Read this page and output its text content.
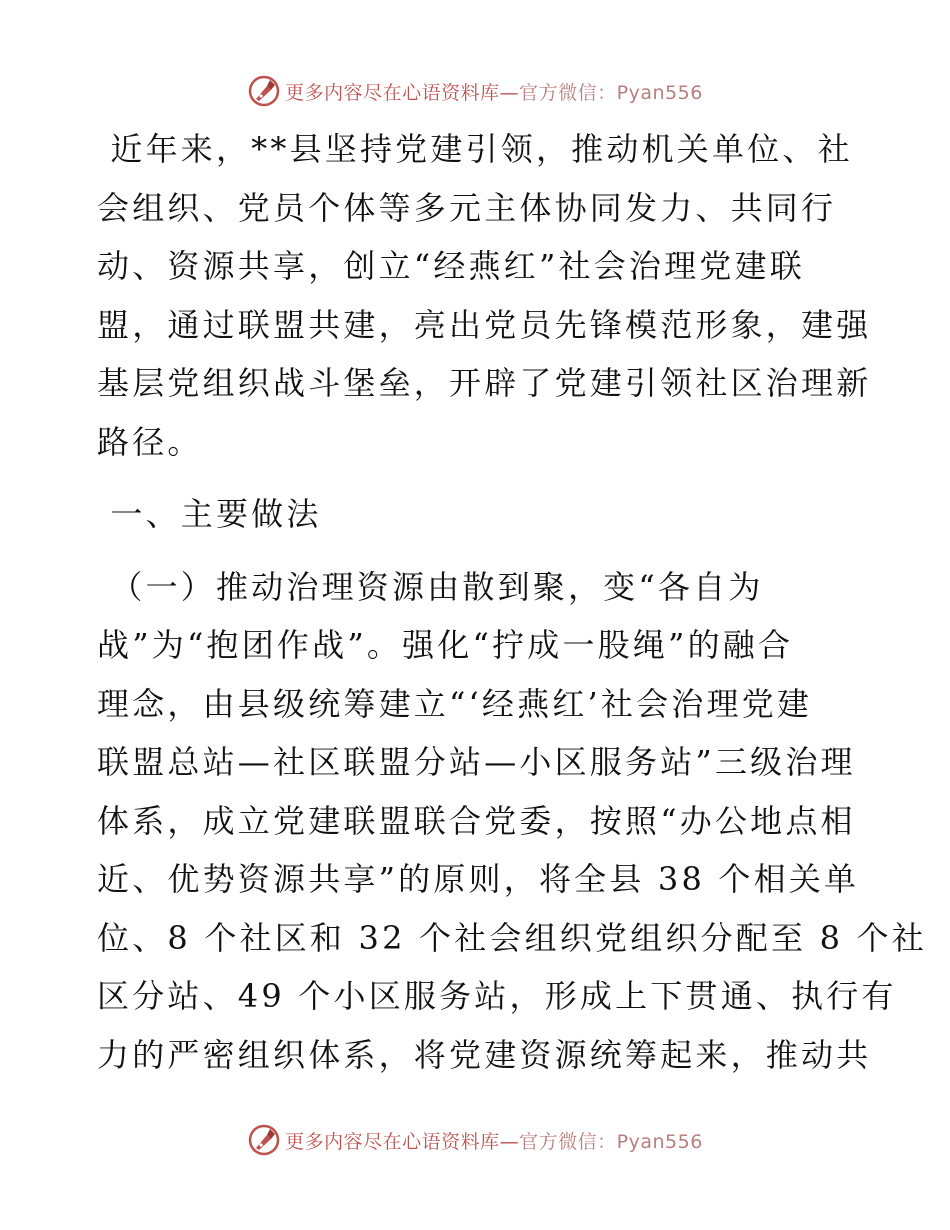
更多内容尽在心语资料库—官方微信：Pyan556

近年来，**县坚持党建引领，推动机关单位、社

会组织、党员个体等多元主体协同发力、共同行

动、资源共享，创立“经燕红”社会治理党建联

盟，通过联盟共建，亮出党员先锋模范形象，建强

基层党组织战斗堡垒，开辟了党建引领社区治理新

路径。

一、主要做法

（一）推动治理资源由散到聚，变“各自为

战”为“抱团作战”。强化“拧成一股绳”的融合

理念，由县级统筹建立“‘经燕红’社会治理党建

联盟总站—社区联盟分站—小区服务站”三级治理

体系，成立党建联盟联合党委，按照“办公地点相

近、优势资源共享”的原则，将全县 38 个相关单

位、8 个社区和 32 个社会组织党组织分配至 8 个社

区分站、49 个小区服务站，形成上下贯通、执行有

力的严密组织体系，将党建资源统筹起来，推动共

更多内容尽在心语资料库—官方微信：Pyan556
